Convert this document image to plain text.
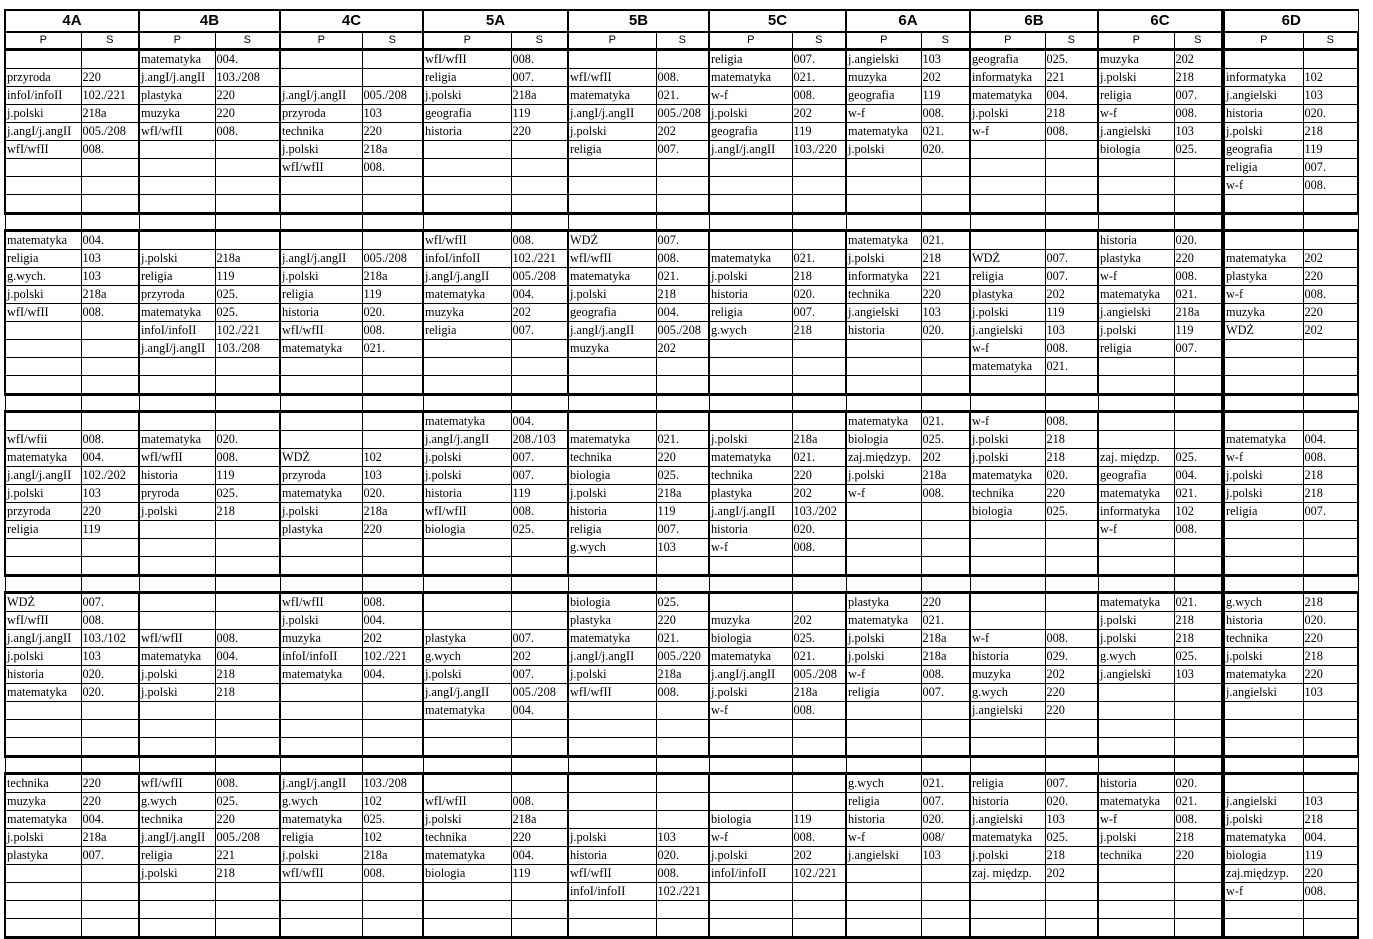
4A		4B		4C		5A		5B		5C		6A		6B		6C		6D	
P	S	P	S	P	S	P	S	P	S	P	S	P	S	P	S	P	S	P	S
		matematyka	004.			wfI/wfII	008.			religia	007.	j.angielski	103	geografia	025.	muzyka	202		
przyroda	220	j.angI/j.angII	103./208			religia	007.	wfI/wfII	008.	matematyka	021.	muzyka	202	informatyka	221	j.polski	218	informatyka	102
infoI/infoII	102./221	plastyka	220	j.angI/j.angII	005./208	j.polski	218a	matematyka	021.	w-f	008.	geografia	119	matematyka	004.	religia	007.	j.angielski	103
j.polski	218a	muzyka	220	przyroda	103	geografia	119	j.angI/j.angII	005./208	j.polski	202	w-f	008.	j.polski	218	w-f	008.	historia	020.
j.angI/j.angII	005./208	wfI/wfII	008.	technika	220	historia	220	j.polski	202	geografia	119	matematyka	021.	w-f	008.	j.angielski	103	j.polski	218
wfI/wfII	008.			j.polski	218a			religia	007.	j.angI/j.angII	103./220	j.polski	020.			biologia	025.	geografia	119
				wfI/wfII	008.													religia	007.
																		w-f	008.

matematyka	004.					wfI/wfII	008.	WDŻ	007.			matematyka	021.			historia	020.		
religia	103	j.polski	218a	j.angI/j.angII	005./208	infoI/infoII	102./221	wfI/wfII	008.	matematyka	021.	j.polski	218	WDŻ	007.	plastyka	220	matematyka	202
g.wych.	103	religia	119	j.polski	218a	j.angI/j.angII	005./208	matematyka	021.	j.polski	218	informatyka	221	religia	007.	w-f	008.	plastyka	220
j.polski	218a	przyroda	025.	religia	119	matematyka	004.	j.polski	218	historia	020.	technika	220	plastyka	202	matematyka	021.	w-f	008.
wfI/wfII	008.	matematyka	025.	historia	020.	muzyka	202	geografia	004.	religia	007.	j.angielski	103	j.polski	119	j.angielski	218a	muzyka	220
		infoI/infoII	102./221	wfI/wfII	008.	religia	007.	j.angI/j.angII	005./208	g.wych	218	historia	020.	j.angielski	103	j.polski	119	WDŻ	202
		j.angI/j.angII	103./208	matematyka	021.			muzyka	202					w-f	008.	religia	007.		
														matematyka	021.				

						matematyka	004.					matematyka	021.	w-f	008.				
wfI/wfii	008.	matematyka	020.			j.angI/j.angII	208./103	matematyka	021.	j.polski	218a	biologia	025.	j.polski	218			matematyka	004.
matematyka	004.	wfI/wfII	008.	WDŻ	102	j.polski	007.	technika	220	matematyka	021.	zaj.międzyp.	202	j.polski	218	zaj. międzp.	025.	w-f	008.
j.angI/j.angII	102./202	historia	119	przyroda	103	j.polski	007.	biologia	025.	technika	220	j.polski	218a	matematyka	020.	geografia	004.	j.polski	218
j.polski	103	pryroda	025.	matematyka	020.	historia	119	j.polski	218a	plastyka	202	w-f	008.	technika	220	matematyka	021.	j.polski	218
przyroda	220	j.polski	218	j.polski	218a	wfI/wfII	008.	historia	119	j.angI/j.angII	103./202			biologia	025.	informatyka	102	religia	007.
religia	119			plastyka	220	biologia	025.	religia	007.	historia	020.					w-f	008.		
								g.wych	103	w-f	008.								

WDŻ	007.			wfI/wfII	008.			biologia	025.			plastyka	220			matematyka	021.	g.wych	218
wfI/wfII	008.			j.polski	004.			plastyka	220	muzyka	202	matematyka	021.			j.polski	218	historia	020.
j.angI/j.angII	103./102	wfI/wfII	008.	muzyka	202	plastyka	007.	matematyka	021.	biologia	025.	j.polski	218a	w-f	008.	j.polski	218	technika	220
j.polski	103	matematyka	004.	infoI/infoII	102./221	g.wych	202	j.angI/j.angII	005./220	matematyka	021.	j.polski	218a	historia	029.	g.wych	025.	j.polski	218
historia	020.	j.polski	218	matematyka	004.	j.polski	007.	j.polski	218a	j.angI/j.angII	005./208	w-f	008.	muzyka	202	j.angielski	103	matematyka	220
matematyka	020.	j.polski	218			j.angI/j.angII	005./208	wfI/wfII	008.	j.polski	218a	religia	007.	g.wych	220			j.angielski	103
						matematyka	004.			w-f	008.			j.angielski	220				

technika	220	wfI/wfII	008.	j.angI/j.angII	103./208							g.wych	021.	religia	007.	historia	020.		
muzyka	220	g.wych	025.	g.wych	102	wfI/wfII	008.					religia	007.	historia	020.	matematyka	021.	j.angielski	103
matematyka	004.	technika	220	matematyka	025.	j.polski	218a			biologia	119	historia	020.	j.angielski	103	w-f	008.	j.polski	218
j.polski	218a	j.angI/j.angII	005./208	religia	102	technika	220	j.polski	103	w-f	008.	w-f	008/	matematyka	025.	j.polski	218	matematyka	004.
plastyka	007.	religia	221	j.polski	218a	matematyka	004.	historia	020.	j.polski	202	j.angielski	103	j.polski	218	technika	220	biologia	119
		j.polski	218	wfI/wfII	008.	biologia	119	wfI/wfII	008.	infoI/infoII	102./221			zaj. międzp.	202			zaj.międzyp.	220
								infoI/infoII	102./221									w-f	008.
